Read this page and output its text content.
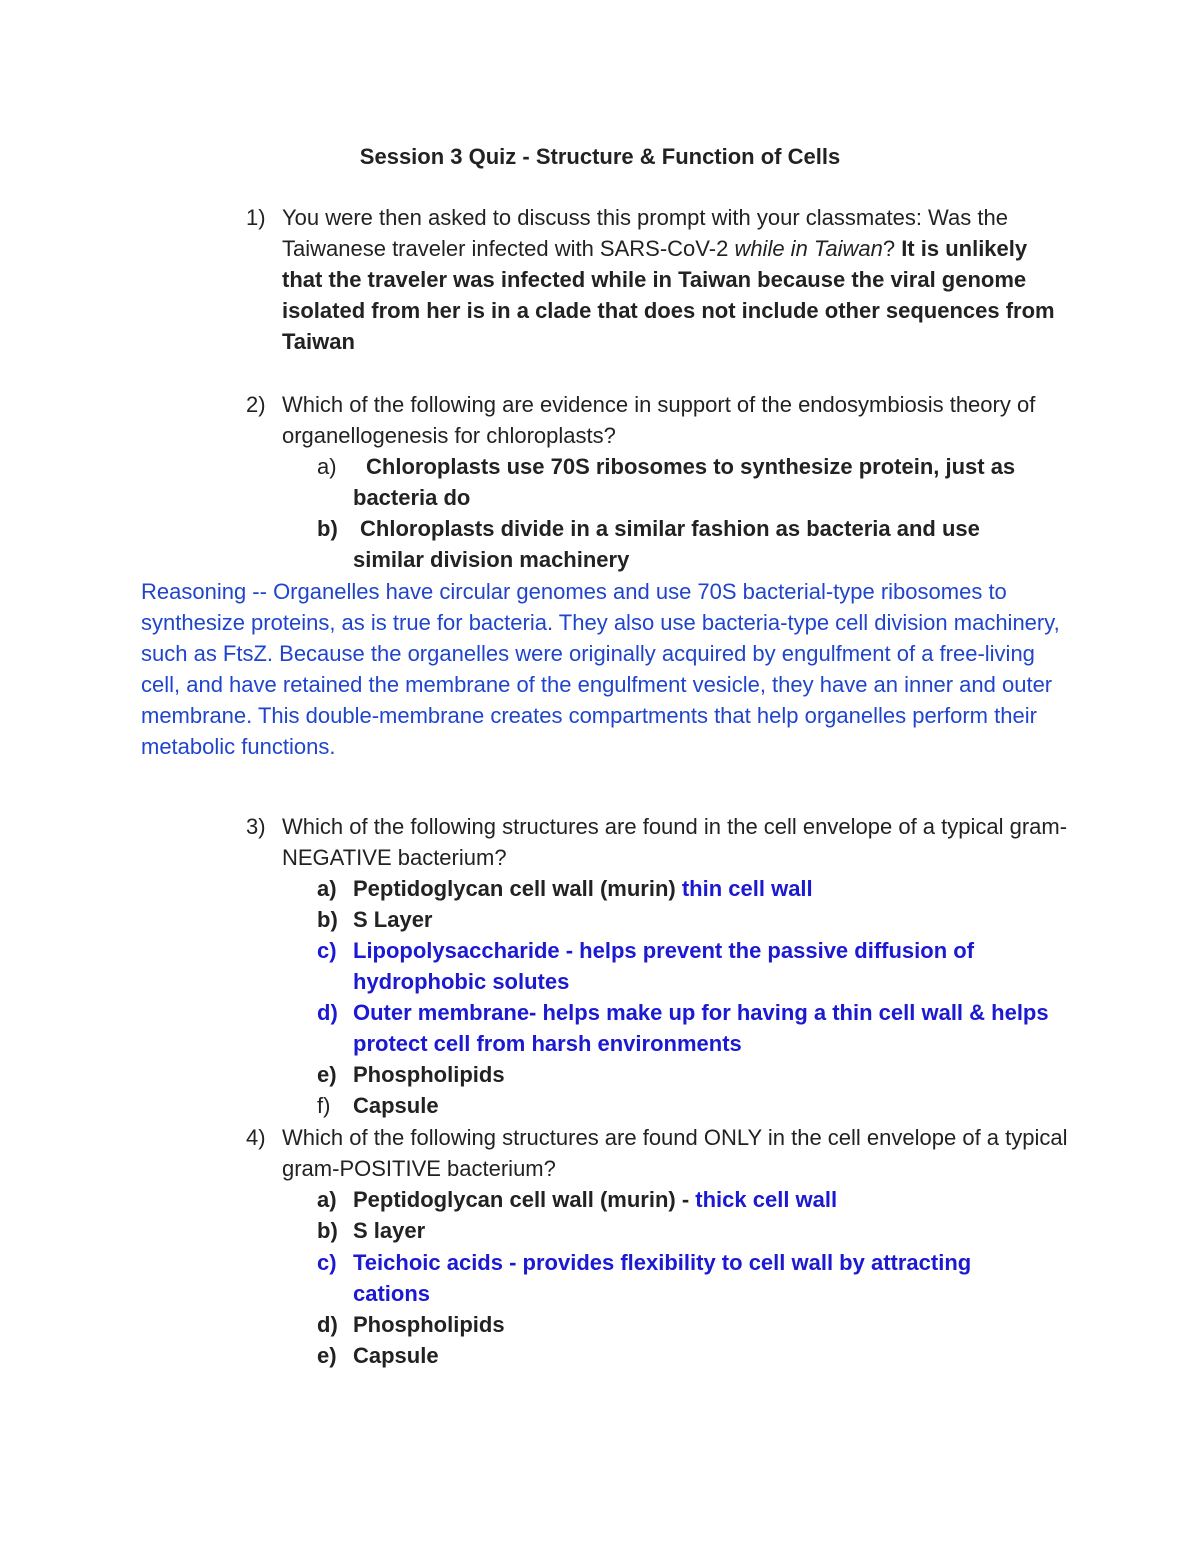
Session 3 Quiz - Structure & Function of Cells
1) You were then asked to discuss this prompt with your classmates: Was the Taiwanese traveler infected with SARS-CoV-2 while in Taiwan? It is unlikely that the traveler was infected while in Taiwan because the viral genome isolated from her is in a clade that does not include other sequences from Taiwan
2) Which of the following are evidence in support of the endosymbiosis theory of organellogenesis for chloroplasts?
a)	Chloroplasts use 70S ribosomes to synthesize protein, just as bacteria do
b)	Chloroplasts divide in a similar fashion as bacteria and use similar division machinery
Reasoning -- Organelles have circular genomes and use 70S bacterial-type ribosomes to synthesize proteins, as is true for bacteria. They also use bacteria-type cell division machinery, such as FtsZ. Because the organelles were originally acquired by engulfment of a free-living cell, and have retained the membrane of the engulfment vesicle, they have an inner and outer membrane. This double-membrane creates compartments that help organelles perform their metabolic functions.
3) Which of the following structures are found in the cell envelope of a typical gram-NEGATIVE bacterium?
a) Peptidoglycan cell wall (murin) thin cell wall
b) S Layer
c) Lipopolysaccharide - helps prevent the passive diffusion of hydrophobic solutes
d) Outer membrane- helps make up for having a thin cell wall & helps protect cell from harsh environments
e) Phospholipids
f) Capsule
4) Which of the following structures are found ONLY in the cell envelope of a typical gram-POSITIVE bacterium?
a) Peptidoglycan cell wall (murin) - thick cell wall
b) S layer
c) Teichoic acids - provides flexibility to cell wall by attracting cations
d) Phospholipids
e) Capsule
